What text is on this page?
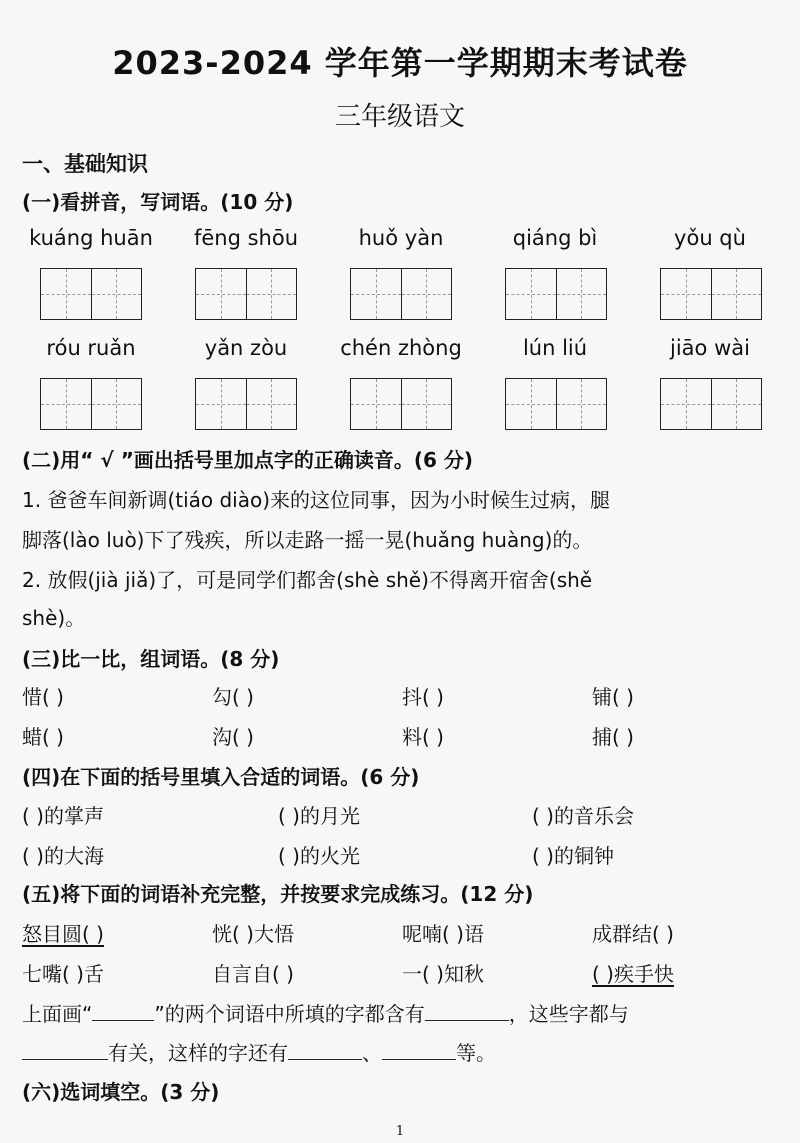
2023-2024 学年第一学期期末考试卷
三年级语文
一、基础知识
(一)看拼音，写词语。(10 分)
kuáng huān	fēng shōu	huǒ yàn	qiáng bì	yǒu qù
róu ruǎn	yǎn zòu	chén zhòng	lún liú	jiāo wài
(二)用“ √ ”画出括号里加点字的正确读音。(6 分)
1. 爸爸车间新调(tiáo diào)来的这位同事，因为小时候生过病，腿
脚落(lào luò)下了残疾，所以走路一摇一晃(huǎng huàng)的。
2. 放假(jià jiǎ)了，可是同学们都舍(shè shě)不得离开宿舍(shě
shè)。
(三)比一比，组词语。(8 分)
惜( )	勾( )	抖( )	铺( )
蜡( )	沟( )	料( )	捕( )
(四)在下面的括号里填入合适的词语。(6 分)
( )的掌声	( )的月光	( )的音乐会
( )的大海	( )的火光	( )的铜钟
(五)将下面的词语补充完整，并按要求完成练习。(12 分)
怒目圆( )	恍( )大悟	呢喃( )语	成群结( )
七嘴( )舌	自言自( )	一( )知秋	( )疾手快
上面画“	”的两个词语中所填的字都含有	，这些字都与
有关，这样的字还有	、	等。
(六)选词填空。(3 分)
1
